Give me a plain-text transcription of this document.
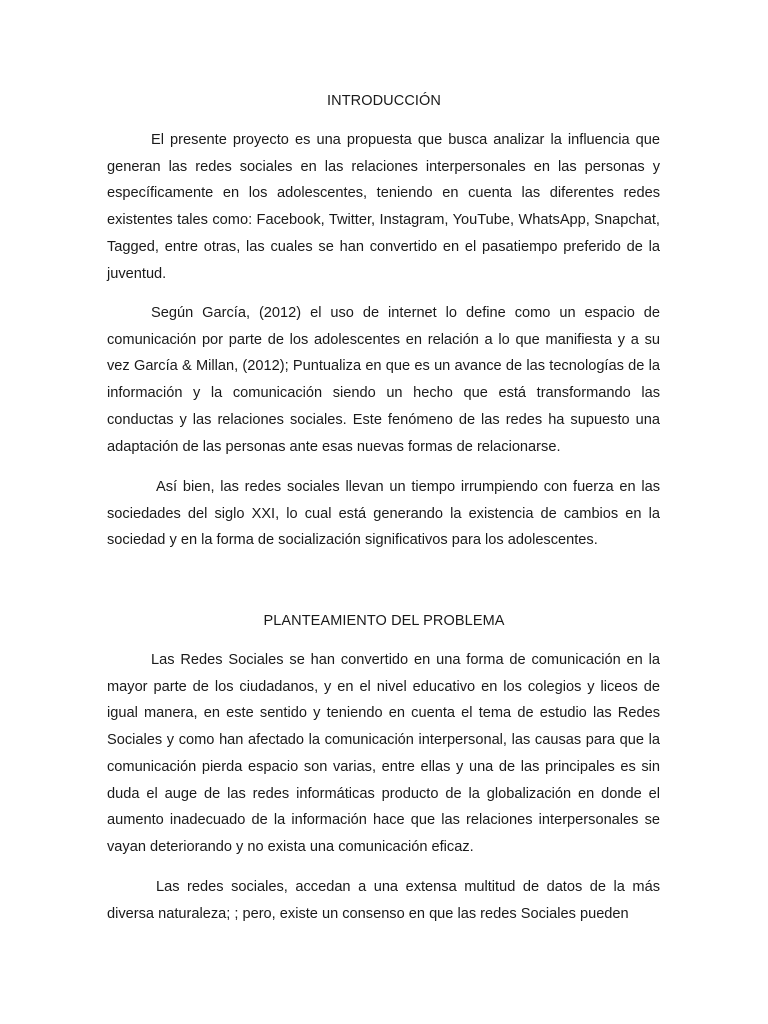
INTRODUCCIÓN

El presente proyecto es una propuesta que busca analizar la influencia que generan las redes sociales en las relaciones interpersonales en las personas y específicamente en los adolescentes, teniendo en cuenta las diferentes redes existentes tales como: Facebook, Twitter, Instagram, YouTube, WhatsApp, Snapchat, Tagged, entre otras, las cuales se han convertido en el pasatiempo preferido de la juventud.

Según García, (2012) el uso de internet lo define como un espacio de comunicación por parte de los adolescentes en relación a lo que manifiesta y a su vez García & Millan, (2012); Puntualiza en que es un avance de las tecnologías de la información y la comunicación siendo un hecho que está transformando las conductas y las relaciones sociales. Este fenómeno de las redes ha supuesto una adaptación de las personas ante esas nuevas formas de relacionarse.

Así bien, las redes sociales llevan un tiempo irrumpiendo con fuerza en las sociedades del siglo XXI, lo cual está generando la existencia de cambios en la sociedad y en la forma de socialización significativos para los adolescentes.

PLANTEAMIENTO DEL PROBLEMA

Las Redes Sociales se han convertido en una forma de comunicación en la mayor parte de los ciudadanos, y en el nivel educativo en los colegios y liceos de igual manera, en este sentido y teniendo en cuenta el tema de estudio las Redes Sociales y como han afectado la comunicación interpersonal, las causas para que la comunicación pierda espacio son varias, entre ellas y una de las principales es sin duda el auge de las redes informáticas producto de la globalización en donde el aumento inadecuado de la información hace que las relaciones interpersonales se vayan deteriorando y no exista una comunicación eficaz.

Las redes sociales, accedan a una extensa multitud de datos de la más diversa naturaleza; ; pero, existe un consenso en que las redes Sociales pueden
